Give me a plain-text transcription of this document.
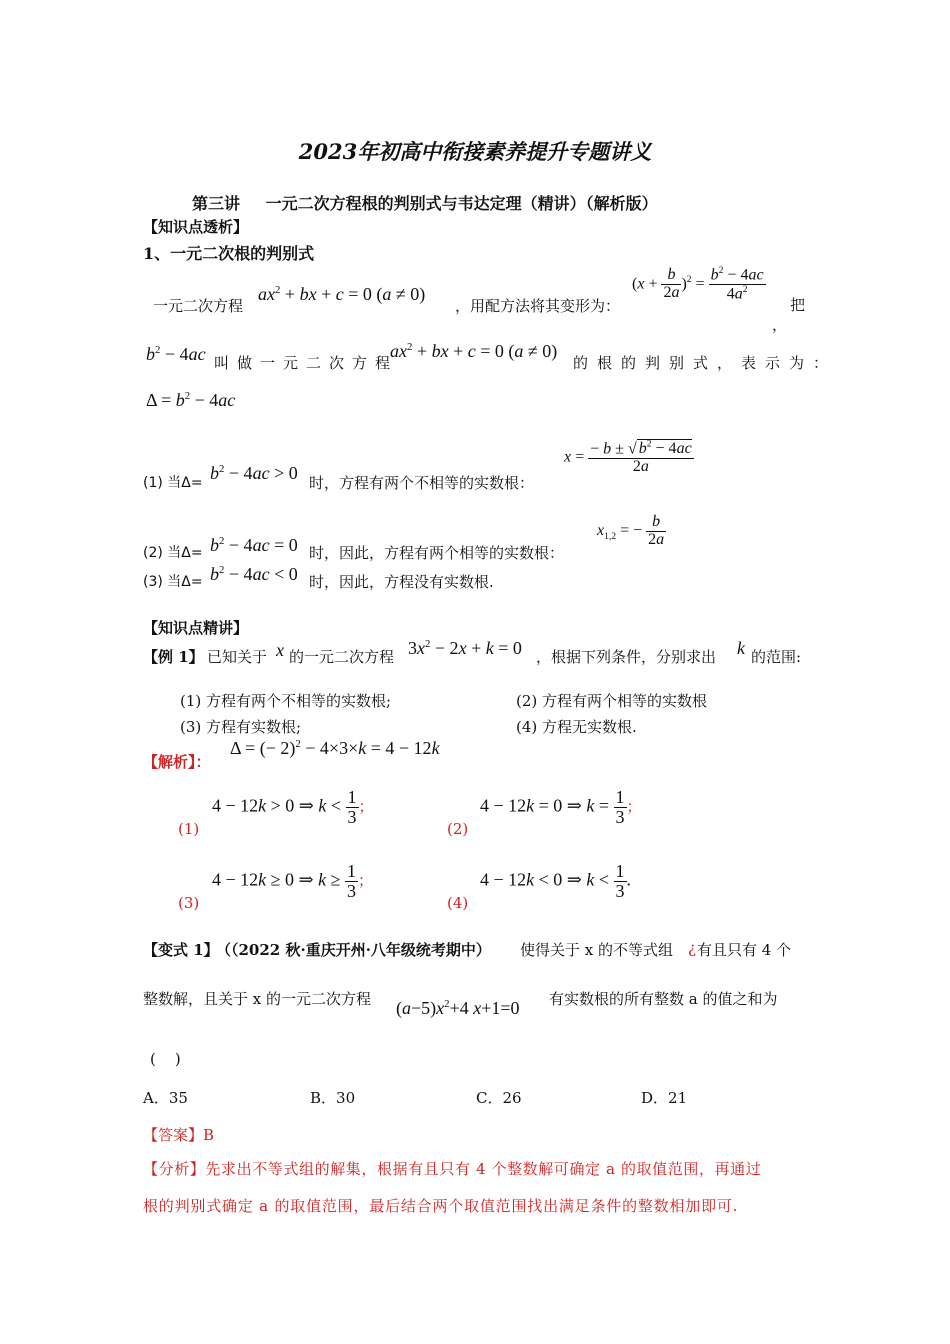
2023年初高中衔接素养提升专题讲义
第三讲 一元二次方程根的判别式与韦达定理（精讲）（解析版）
【知识点透析】
1、一元二次根的判别式
一元二次方程
$ax^2$ + bx + c = 0 (a ≠ 0)
，用配方法将其变形为：
$(x + \frac{b}{2a} )^2 = \frac{b^2 - 4ac}{4a^2}$
把
，
$b^2 - 4ac$ 叫做一元二次方程
$ax^2$ + bx + c = 0 (a ≠ 0)
的根的判别式，表示为：
$\Delta = b^2 - 4ac$
(1) 当$\Delta= b^2 - 4ac > 0$ 时，方程有两个不相等的实数根：
$x = \frac{- b \pm √ b^2 - 4ac}{2a}$
(2) 当$\Delta= b^2 - 4ac = 0$ 时，因此，方程有两个相等的实数根：
$x_{1,2}$ = − $\frac{b}{2a}$
(3) 当$\Delta= b^2 - 4ac < 0$ 时，因此，方程没有实数根.
【知识点精讲】
【例 1】 已知关于 x 的一元二次方程 $3x^2 - 2x + k = 0$ ，根据下列条件，分别求出 k 的范围:
(1) 方程有两个不相等的实数根;	(2) 方程有两个相等的实数根
(3) 方程有实数根;	(4) 方程无实数根.
【解析】：
Δ = (− 2)$^2$ − 4×3×k = 4 − 12k
(1)
4 − 12k > 0 ⇒ $k < \frac{1}{3}$ ；
(2)
4 − 12k = 0 ⇒ $k = \frac{1}{3}$ ；
(3)
4 − 12k ≥ 0 ⇒ $k \ge \frac{1}{3}$ ；
(4)
4 − 12k < 0 ⇒ $k < \frac{1}{3}$ .
【变式 1】
（（2022 秋·重庆开州·八年级统考期中） 使得关于 x 的不等式组 ¿ 有且只有 4 个
整数解，且关于 x 的一元二次方程 $(a-5)x^2+4$ x+1=0 有实数根的所有整数 a 的值之和为
(    )
A．35	B．30	C．26	D．21
【答案】B
【分析】先求出不等式组的解集，根据有且只有 4 个整数解可确定 a 的取值范围，再通过
根的判别式确定 a 的取值范围，最后结合两个取值范围找出满足条件的整数相加即可.
